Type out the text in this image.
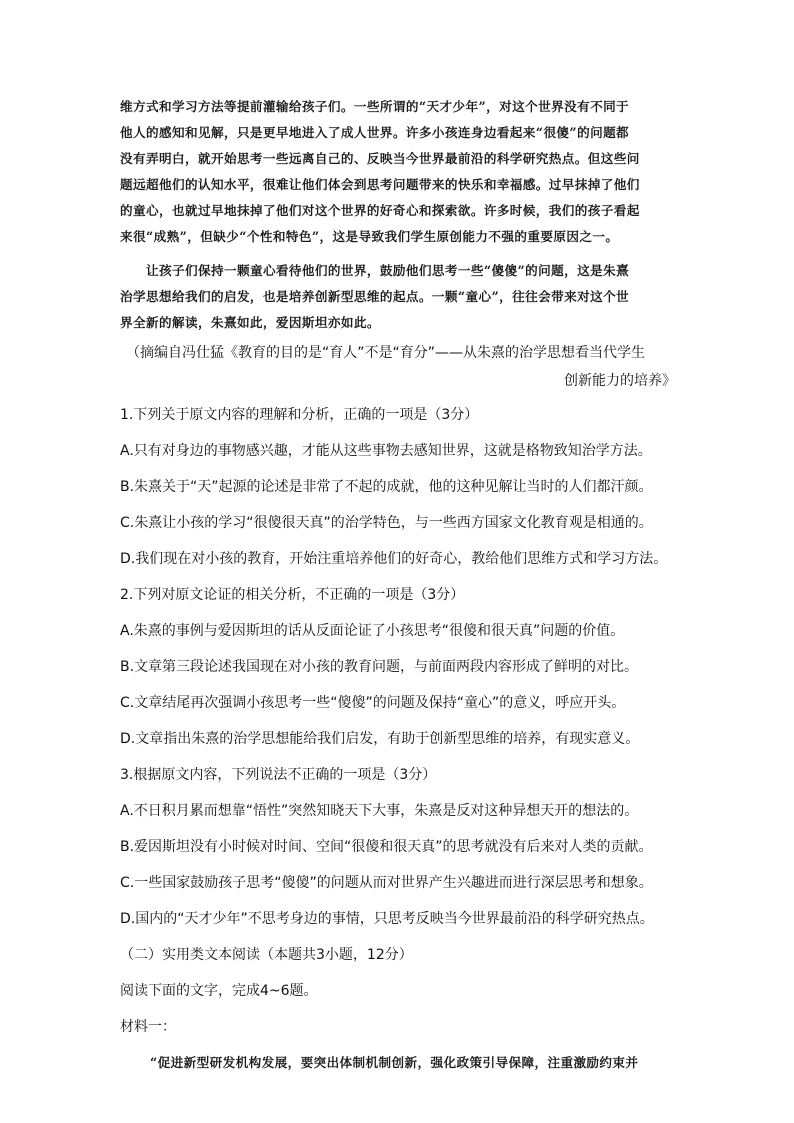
维方式和学习方法等提前灌输给孩子们。一些所谓的“天才少年”，对这个世界没有不同于
他人的感知和见解，只是更早地进入了成人世界。许多小孩连身边看起来“很傻”的问题都
没有弄明白，就开始思考一些远离自己的、反映当今世界最前沿的科学研究热点。但这些问
题远超他们的认知水平，很难让他们体会到思考问题带来的快乐和幸福感。过早抹掉了他们
的童心，也就过早地抹掉了他们对这个世界的好奇心和探索欲。许多时候，我们的孩子看起
来很“成熟”，但缺少“个性和特色”，这是导致我们学生原创能力不强的重要原因之一。
让孩子们保持一颗童心看待他们的世界，鼓励他们思考一些“傻傻”的问题，这是朱熹
治学思想给我们的启发，也是培养创新型思维的起点。一颗“童心”，往往会带来对这个世
界全新的解读，朱熹如此，爱因斯坦亦如此。
（摘编自冯仕猛《教育的目的是“育人”不是“育分”——从朱熹的治学思想看当代学生
创新能力的培养》
1.下列关于原文内容的理解和分析，正确的一项是（3分）
A.只有对身边的事物感兴趣，才能从这些事物去感知世界，这就是格物致知治学方法。
B.朱熹关于“天”起源的论述是非常了不起的成就，他的这种见解让当时的人们都汗颜。
C.朱熹让小孩的学习“很傻很天真”的治学特色，与一些西方国家文化教育观是相通的。
D.我们现在对小孩的教育，开始注重培养他们的好奇心，教给他们思维方式和学习方法。
2.下列对原文论证的相关分析，不正确的一项是（3分）
A.朱熹的事例与爱因斯坦的话从反面论证了小孩思考“很傻和很天真”问题的价值。
B.文章第三段论述我国现在对小孩的教育问题，与前面两段内容形成了鲜明的对比。
C.文章结尾再次强调小孩思考一些“傻傻”的问题及保持“童心”的意义，呼应开头。
D.文章指出朱熹的治学思想能给我们启发，有助于创新型思维的培养，有现实意义。
3.根据原文内容，下列说法不正确的一项是（3分）
A.不日积月累而想靠“悟性”突然知晓天下大事，朱熹是反对这种异想天开的想法的。
B.爱因斯坦没有小时候对时间、空间“很傻和很天真”的思考就没有后来对人类的贡献。
C.一些国家鼓励孩子思考“傻傻”的问题从而对世界产生兴趣进而进行深层思考和想象。
D.国内的“天才少年”不思考身边的事情，只思考反映当今世界最前沿的科学研究热点。
（二）实用类文本阅读（本题共3小题，12分）
阅读下面的文字，完成4~6题。
材料一：
“促进新型研发机构发展，要突出体制机制创新，强化政策引导保障，注重激励约束并
